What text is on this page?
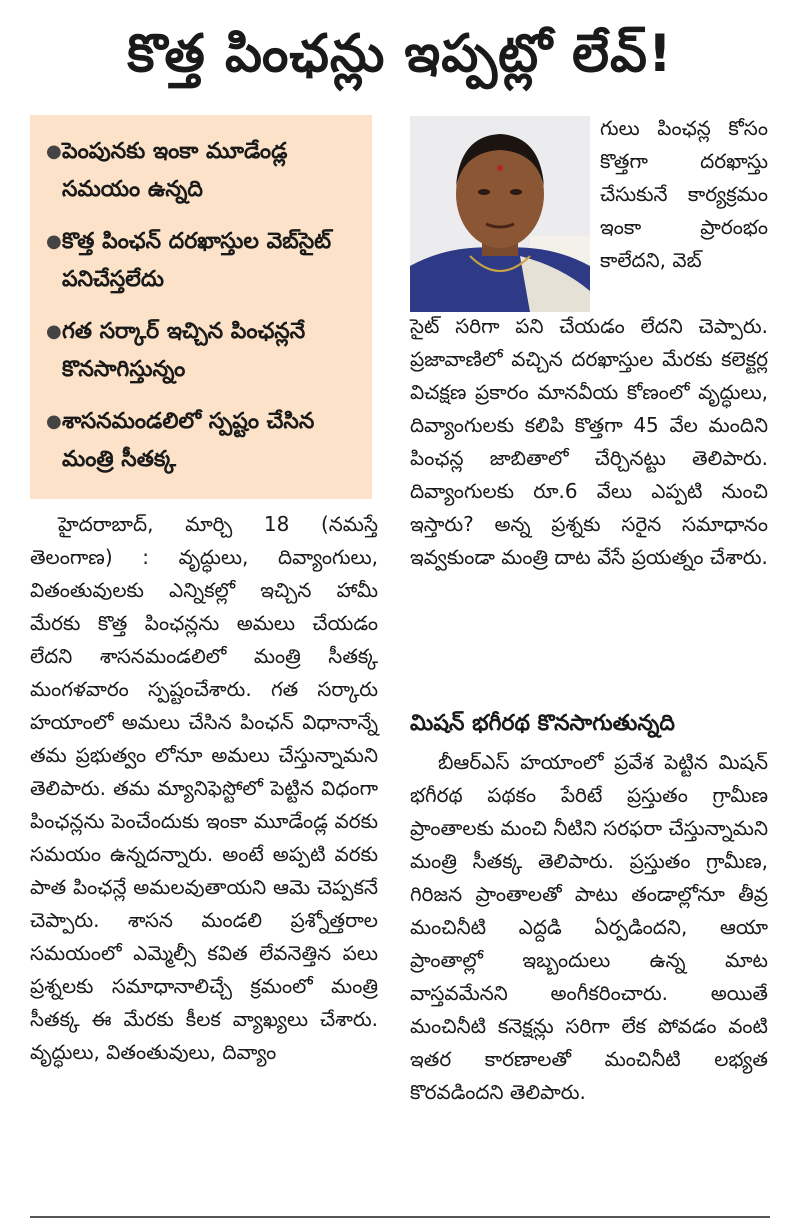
కొత్త పింఛన్లు ఇప్పట్లో లేవ్‌!
● పెంపునకు ఇంకా మూడేండ్ల సమయం ఉన్నది
● కొత్త పింఛన్‌ దరఖాస్తుల వెబ్‌సైట్‌ పనిచేస్తలేదు
● గత సర్కార్‌ ఇచ్చిన పింఛన్లనే కొనసాగిస్తున్నం
● శాసనమండలిలో స్పష్టం చేసిన మంత్రి సీతక్క

హైదరాబాద్‌, మార్చి 18 (నమస్తే తెలంగాణ) : వృద్ధులు, దివ్యాంగులు, వితంతువులకు ఎన్నికల్లో ఇచ్చిన హామీ మేరకు కొత్త పింఛన్లను అమలు చేయడం లేదని శాసనమండలిలో మంత్రి సీతక్క మంగళవారం స్పష్టంచేశారు. గత సర్కారు హయాంలో అమలు చేసిన పింఛన్‌ విధానాన్నే తమ ప్రభుత్వం లోనూ అమలు చేస్తున్నామని తెలిపారు. తమ మ్యానిఫెస్టోలో పెట్టిన విధంగా పింఛన్లను పెంచేందుకు ఇంకా మూడేండ్ల వరకు సమయం ఉన్నదన్నారు. అంటే అప్పటి వరకు పాత పింఛన్లే అమలవుతాయని ఆమె చెప్పకనే చెప్పారు. శాసన మండలి ప్రశ్నోత్తరాల సమయంలో ఎమ్మెల్సీ కవిత లేవనెత్తిన పలు ప్రశ్నలకు సమాధానాలిచ్చే క్రమంలో మంత్రి సీతక్క ఈ మేరకు కీలక వ్యాఖ్యలు చేశారు. వృద్ధులు, వితంతువులు, దివ్యాం

గులు పింఛన్ల కోసం కొత్తగా దరఖాస్తు చేసుకునే కార్యక్రమం ఇంకా ప్రారంభం కాలేదని, వెబ్‌

సైట్‌ సరిగా పని చేయడం లేదని చెప్పారు. ప్రజావాణిలో వచ్చిన దరఖాస్తుల మేరకు కలెక్టర్ల విచక్షణ ప్రకారం మానవీయ కోణంలో వృద్ధులు, దివ్యాంగులకు కలిపి కొత్తగా 45 వేల మందిని పింఛన్ల జాబితాలో చేర్చినట్టు తెలిపారు. దివ్యాంగులకు రూ.6 వేలు ఎప్పటి నుంచి ఇస్తారు? అన్న ప్రశ్నకు సరైన సమాధానం ఇవ్వకుండా మంత్రి దాట వేసే ప్రయత్నం చేశారు.

మిషన్‌ భగీరథ కొనసాగుతున్నది

బీఆర్‌ఎస్‌ హయాంలో ప్రవేశ పెట్టిన మిషన్‌ భగీరథ పథకం పేరిటే ప్రస్తుతం గ్రామీణ ప్రాంతాలకు మంచి నీటిని సరఫరా చేస్తున్నామని మంత్రి సీతక్క తెలిపారు. ప్రస్తుతం గ్రామీణ, గిరిజన ప్రాంతాలతో పాటు తండాల్లోనూ తీవ్ర మంచినీటి ఎద్దడి ఏర్పడిందని, ఆయా ప్రాంతాల్లో ఇబ్బందులు ఉన్న మాట వాస్తవమేనని అంగీకరించారు. అయితే మంచినీటి కనెక్షన్లు సరిగా లేక పోవడం వంటి ఇతర కారణాలతో మంచినీటి లభ్యత కొరవడిందని తెలిపారు.
